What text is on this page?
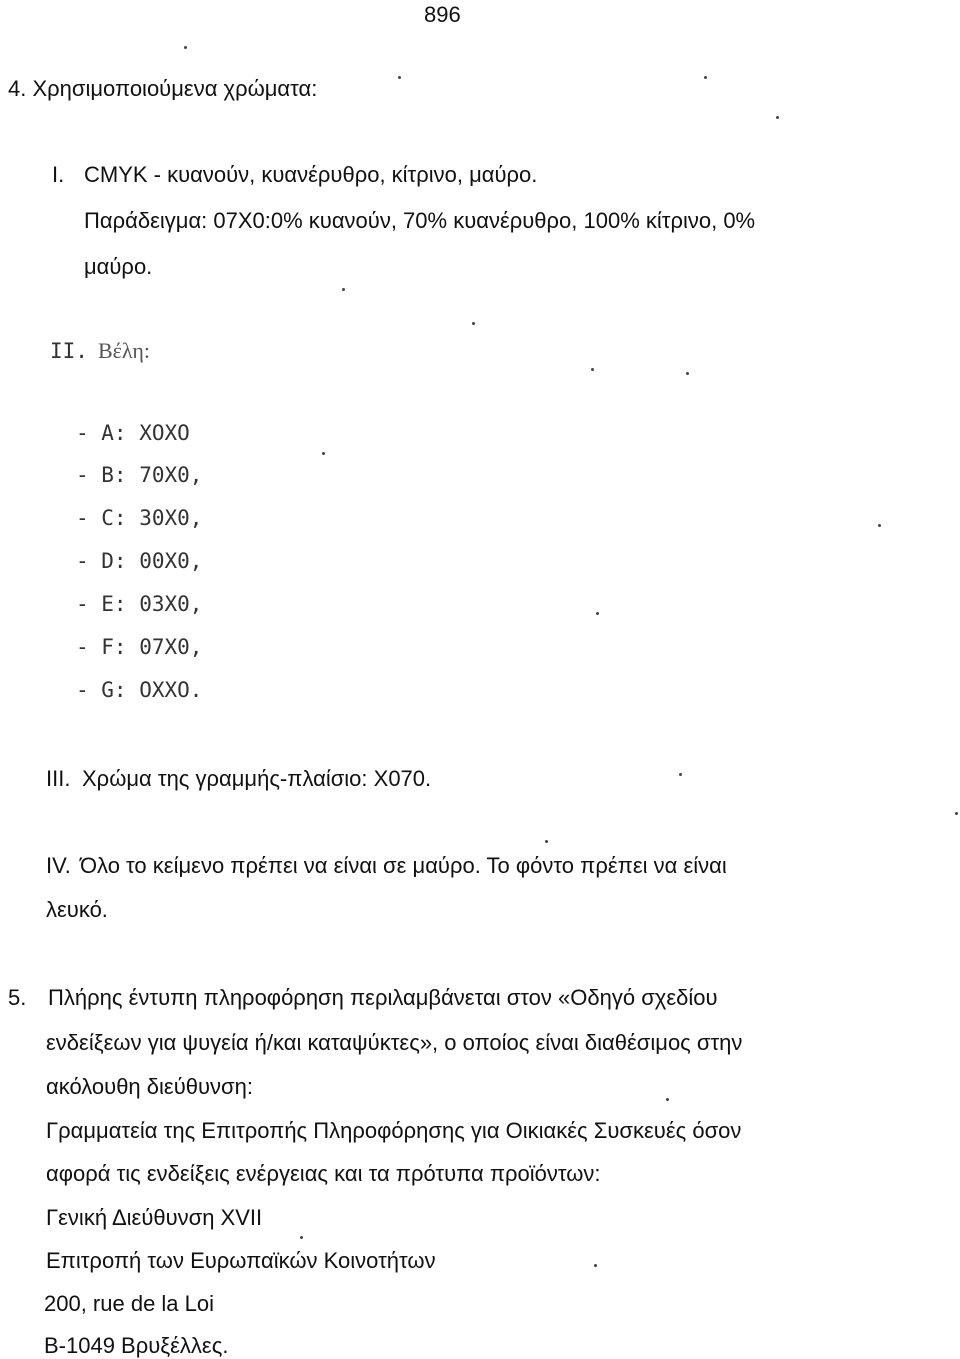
896
4. Χρησιμοποιούμενα χρώματα:
I. CMYK - κυανούν, κυανέρυθρο, κίτρινο, μαύρο.
Παράδειγμα: 07X0:0% κυανούν, 70% κυανέρυθρο, 100% κίτρινο, 0%
μαύρο.
II. Βέλη:
- A: XOXO
- B: 70X0,
- C: 30X0,
- D: 00X0,
- E: 03X0,
- F: 07X0,
- G: OXXO.
III. Χρώμα της γραμμής-πλαίσιο: X070.
IV. Όλο το κείμενο πρέπει να είναι σε μαύρο. Το φόντο πρέπει να είναι
λευκό.
5. Πλήρης έντυπη πληροφόρηση περιλαμβάνεται στον «Οδηγό σχεδίου
ενδείξεων για ψυγεία ή/και καταψύκτες», ο οποίος είναι διαθέσιμος στην
ακόλουθη διεύθυνση:
Γραμματεία της Επιτροπής Πληροφόρησης για Οικιακές Συσκευές όσον
αφορά τις ενδείξεις ενέργειας και τα πρότυπα προϊόντων:
Γενική Διεύθυνση XVII
Επιτροπή των Ευρωπαϊκών Κοινοτήτων
200, rue de la Loi
B-1049 Βρυξέλλες.
